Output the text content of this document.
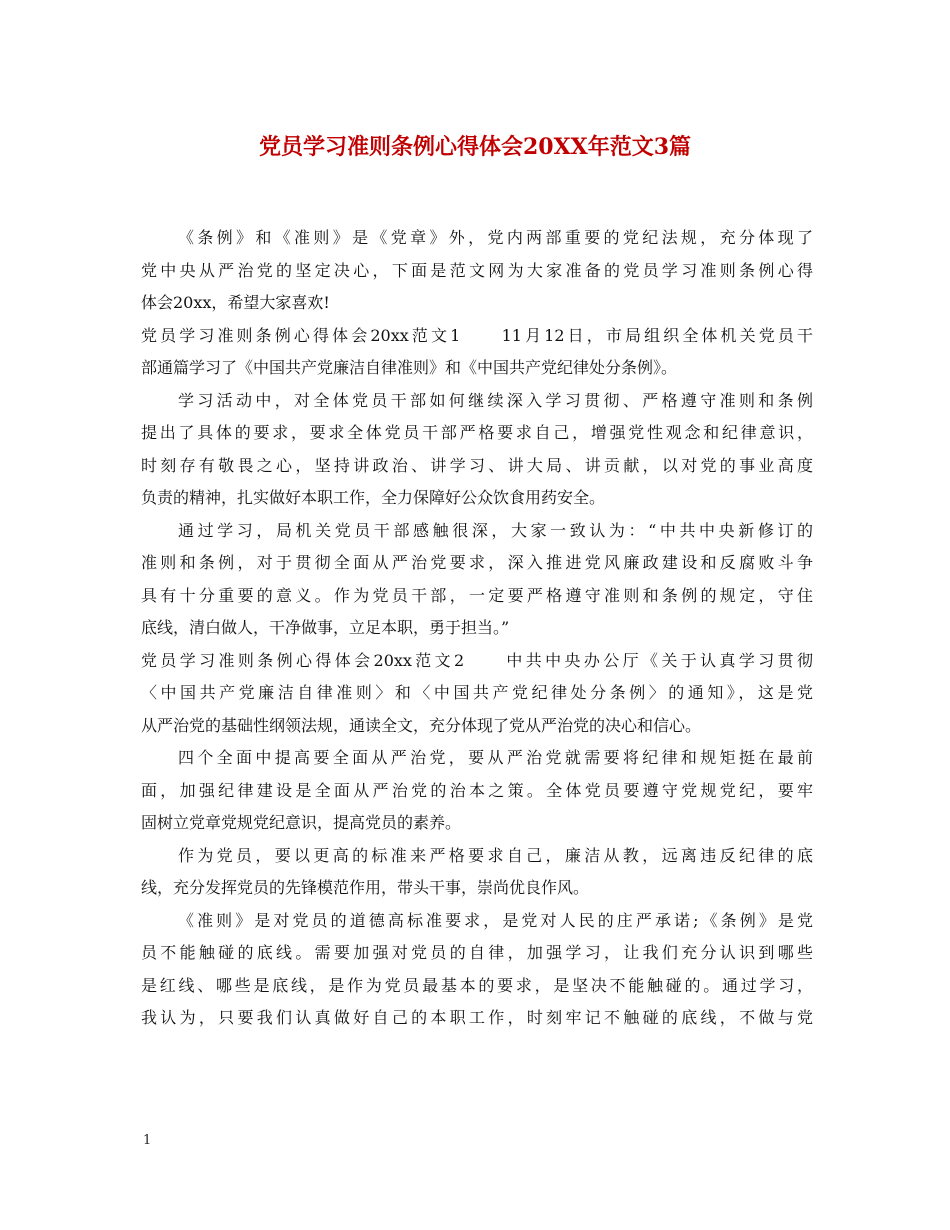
党员学习准则条例心得体会20XX年范文3篇
《条例》和《准则》是《党章》外，党内两部重要的党纪法规，充分体现了
党中央从严治党的坚定决心，下面是范文网为大家准备的党员学习准则条例心得
体会20xx，希望大家喜欢!
党员学习准则条例心得体会20xx范文1　　11月12日，市局组织全体机关党员干
部通篇学习了《中国共产党廉洁自律准则》和《中国共产党纪律处分条例》。
学习活动中，对全体党员干部如何继续深入学习贯彻、严格遵守准则和条例
提出了具体的要求，要求全体党员干部严格要求自己，增强党性观念和纪律意识，
时刻存有敬畏之心，坚持讲政治、讲学习、讲大局、讲贡献，以对党的事业高度
负责的精神，扎实做好本职工作，全力保障好公众饮食用药安全。
通过学习，局机关党员干部感触很深，大家一致认为：“中共中央新修订的
准则和条例，对于贯彻全面从严治党要求，深入推进党风廉政建设和反腐败斗争
具有十分重要的意义。作为党员干部，一定要严格遵守准则和条例的规定，守住
底线，清白做人，干净做事，立足本职，勇于担当。”
党员学习准则条例心得体会20xx范文2　　中共中央办公厅《关于认真学习贯彻
〈中国共产党廉洁自律准则〉和〈中国共产党纪律处分条例〉的通知》，这是党
从严治党的基础性纲领法规，通读全文，充分体现了党从严治党的决心和信心。
四个全面中提高要全面从严治党，要从严治党就需要将纪律和规矩挺在最前
面，加强纪律建设是全面从严治党的治本之策。全体党员要遵守党规党纪，要牢
固树立党章党规党纪意识，提高党员的素养。
作为党员，要以更高的标准来严格要求自己，廉洁从教，远离违反纪律的底
线，充分发挥党员的先锋模范作用，带头干事，崇尚优良作风。
《准则》是对党员的道德高标准要求，是党对人民的庄严承诺;《条例》是党
员不能触碰的底线。需要加强对党员的自律，加强学习，让我们充分认识到哪些
是红线、哪些是底线，是作为党员最基本的要求，是坚决不能触碰的。通过学习，
我认为，只要我们认真做好自己的本职工作，时刻牢记不触碰的底线，不做与党
1
